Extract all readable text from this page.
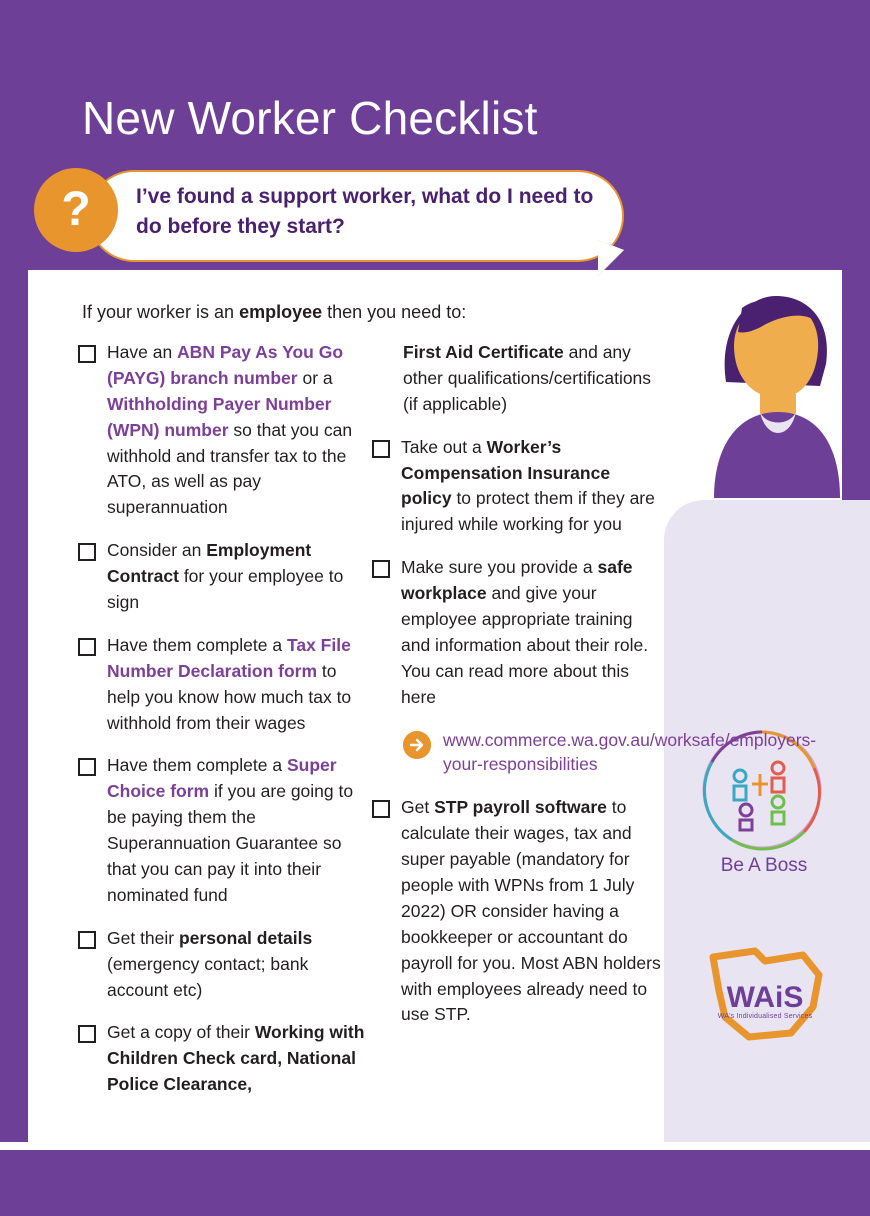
New Worker Checklist
?	I’ve found a support worker, what do I need to do before they start?
If your worker is an employee then you need to:
Be A Boss
WAiS
WA's Individualised Services
Have an ABN Pay As You Go (PAYG) branch number or a Withholding Payer Number (WPN) number so that you can withhold and transfer tax to the ATO, as well as pay superannuation
Consider an Employment Contract for your employee to sign
Have them complete a Tax File Number Declaration form to help you know how much tax to withhold from their wages
Have them complete a Super Choice form if you are going to be paying them the Superannuation Guarantee so that you can pay it into their nominated fund
Get their personal details (emergency contact; bank account etc)
Get a copy of their Working with Children Check card, National Police Clearance,
First Aid Certificate and any other qualifications/certifications (if applicable)
Take out a Worker’s Compensation Insurance policy to protect them if they are injured while working for you
Make sure you provide a safe workplace and give your employee appropriate training and information about their role. You can read more about this here
www.commerce.wa.gov.au/worksafe/employers-your-responsibilities
Get STP payroll software to calculate their wages, tax and super payable (mandatory for people with WPNs from 1 July 2022) OR consider having a bookkeeper or accountant do payroll for you. Most ABN holders with employees already need to use STP.
